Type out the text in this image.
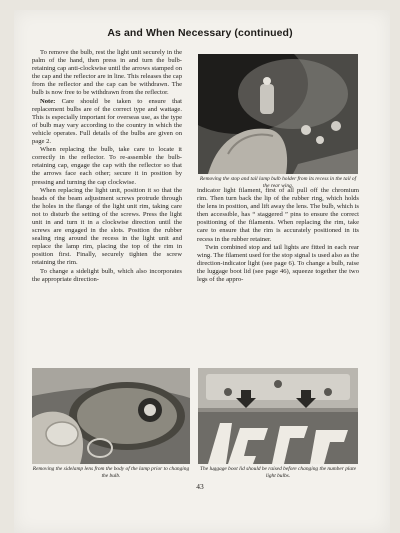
As and When Necessary (continued)

To remove the bulb, rest the light unit securely in the palm of the hand, then press in and turn the bulb-retaining cap anti-clockwise until the arrows stamped on the cap and the reflector are in line. This releases the cap from the reflector and the cap can be withdrawn. The bulb is now free to be withdrawn from the reflector.

Note: Care should be taken to ensure that replacement bulbs are of the correct type and wattage. This is especially important for overseas use, as the type of bulb may vary according to the country in which the vehicle operates. Full details of the bulbs are given on page 2.

When replacing the bulb, take care to locate it correctly in the reflector. To re-assemble the bulb-retaining cap, engage the cap with the reflector so that the arrows face each other; secure it in position by pressing and turning the cap clockwise.

When replacing the light unit, position it so that the heads of the beam adjustment screws protrude through the holes in the flange of the light unit rim, taking care not to disturb the setting of the screws. Press the light unit in and turn it in a clockwise direction until the screws are engaged in the slots. Position the rubber sealing ring around the recess in the light unit and replace the lamp rim, placing the top of the rim in position first. Finally, securely tighten the screw retaining the rim.

To change a sidelight bulb, which also incorporates the appropriate direction-

Removing the stop and tail lamp bulb holder from its recess in the tail of the rear wing.

indicator light filament, first of all pull off the chromium rim. Then turn back the lip of the rubber ring, which holds the lens in position, and lift away the lens. The bulb, which is then accessible, has “ staggered ” pins to ensure the correct positioning of the filaments. When replacing the rim, take care to ensure that the rim is accurately positioned in its recess in the rubber retainer.

Twin combined stop and tail lights are fitted in each rear wing. The filament used for the stop signal is used also as the direction-indicator light (see page 6). To change a bulb, raise the luggage boot lid (see page 46), squeeze together the two legs of the appro-

Removing the sidelamp lens from the body of the lamp prior to changing the bulb.
The luggage boot lid should be raised before changing the number plate light bulbs.
43
